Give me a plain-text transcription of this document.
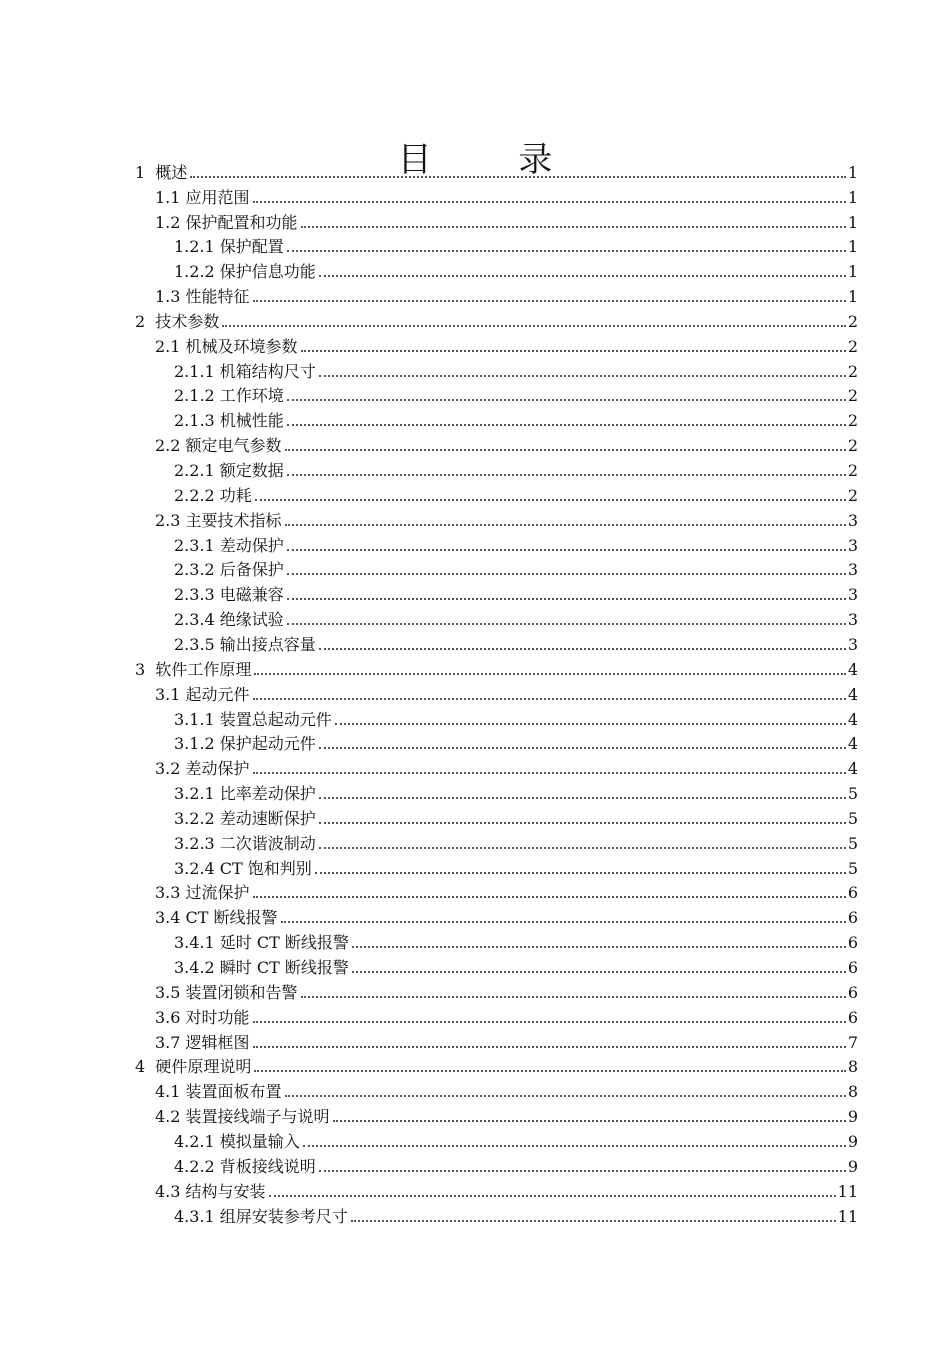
目 录
1 概述	1
1.1 应用范围	1
1.2 保护配置和功能	1
1.2.1 保护配置	1
1.2.2 保护信息功能	1
1.3 性能特征	1
2 技术参数	2
2.1 机械及环境参数	2
2.1.1 机箱结构尺寸	2
2.1.2 工作环境	2
2.1.3 机械性能	2
2.2 额定电气参数	2
2.2.1 额定数据	2
2.2.2 功耗	2
2.3 主要技术指标	3
2.3.1 差动保护	3
2.3.2 后备保护	3
2.3.3 电磁兼容	3
2.3.4 绝缘试验	3
2.3.5 输出接点容量	3
3 软件工作原理	4
3.1 起动元件	4
3.1.1 装置总起动元件	4
3.1.2 保护起动元件	4
3.2 差动保护	4
3.2.1 比率差动保护	5
3.2.2 差动速断保护	5
3.2.3 二次谐波制动	5
3.2.4 CT 饱和判别	5
3.3 过流保护	6
3.4 CT 断线报警	6
3.4.1 延时 CT 断线报警	6
3.4.2 瞬时 CT 断线报警	6
3.5 装置闭锁和告警	6
3.6 对时功能	6
3.7 逻辑框图	7
4 硬件原理说明	8
4.1 装置面板布置	8
4.2 装置接线端子与说明	9
4.2.1 模拟量输入	9
4.2.2 背板接线说明	9
4.3 结构与安装	11
4.3.1 组屏安装参考尺寸	11
